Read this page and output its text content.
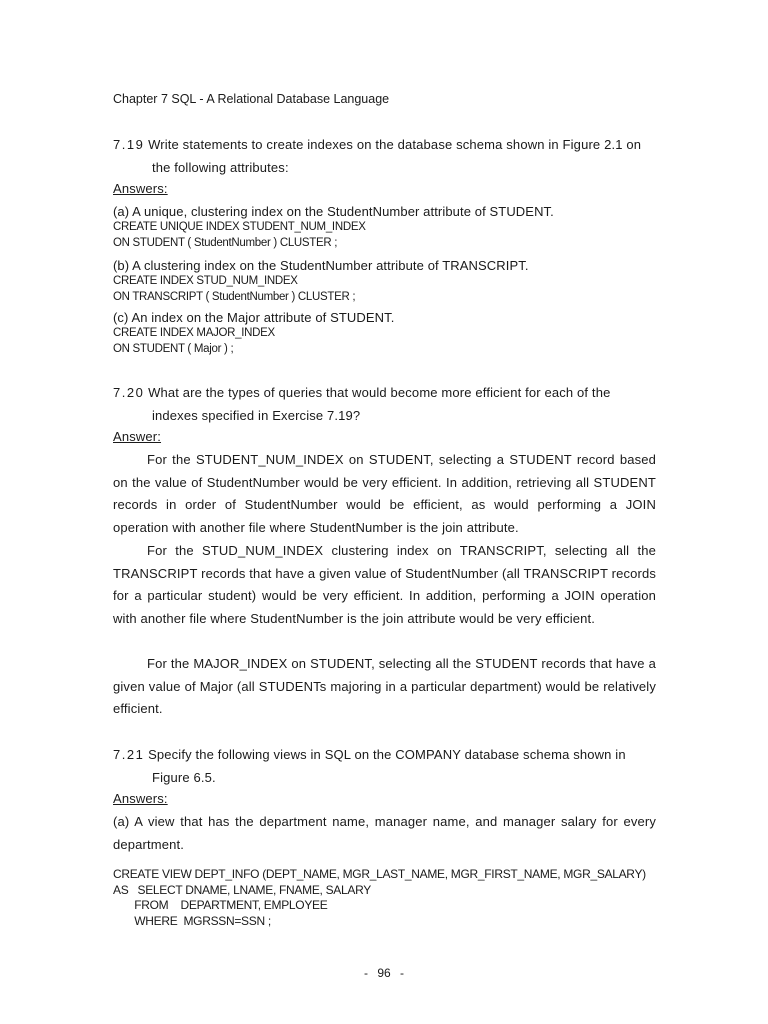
Chapter 7 SQL - A Relational Database Language
7.19 Write statements to create indexes on the database schema shown in Figure 2.1 on
the following attributes:
Answers:
(a) A unique, clustering index on the StudentNumber attribute of STUDENT.
CREATE UNIQUE INDEX STUDENT_NUM_INDEX
ON STUDENT ( StudentNumber ) CLUSTER ;
(b) A clustering index on the StudentNumber attribute of TRANSCRIPT.
CREATE INDEX STUD_NUM_INDEX
ON TRANSCRIPT ( StudentNumber ) CLUSTER ;
(c) An index on the Major attribute of STUDENT.
CREATE INDEX MAJOR_INDEX
ON STUDENT ( Major ) ;
7.20 What are the types of queries that would become more efficient for each of the
indexes specified in Exercise 7.19?
Answer:
For the STUDENT_NUM_INDEX on STUDENT, selecting a STUDENT record based on the value of StudentNumber would be very efficient. In addition, retrieving all STUDENT records in order of StudentNumber would be efficient, as would performing a JOIN operation with another file where StudentNumber is the join attribute.
For the STUD_NUM_INDEX clustering index on TRANSCRIPT, selecting all the TRANSCRIPT records that have a given value of StudentNumber (all TRANSCRIPT records for a particular student) would be very efficient. In addition, performing a JOIN operation with another file where StudentNumber is the join attribute would be very efficient.
For the MAJOR_INDEX on STUDENT, selecting all the STUDENT records that have a given value of Major (all STUDENTs majoring in a particular department) would be relatively efficient.
7.21 Specify the following views in SQL on the COMPANY database schema shown in
Figure 6.5.
Answers:
(a) A view that has the department name, manager name, and manager salary for every department.
CREATE VIEW DEPT_INFO (DEPT_NAME, MGR_LAST_NAME, MGR_FIRST_NAME, MGR_SALARY)
AS   SELECT DNAME, LNAME, FNAME, SALARY
FROM    DEPARTMENT, EMPLOYEE
WHERE  MGRSSN=SSN ;
- 96 -
